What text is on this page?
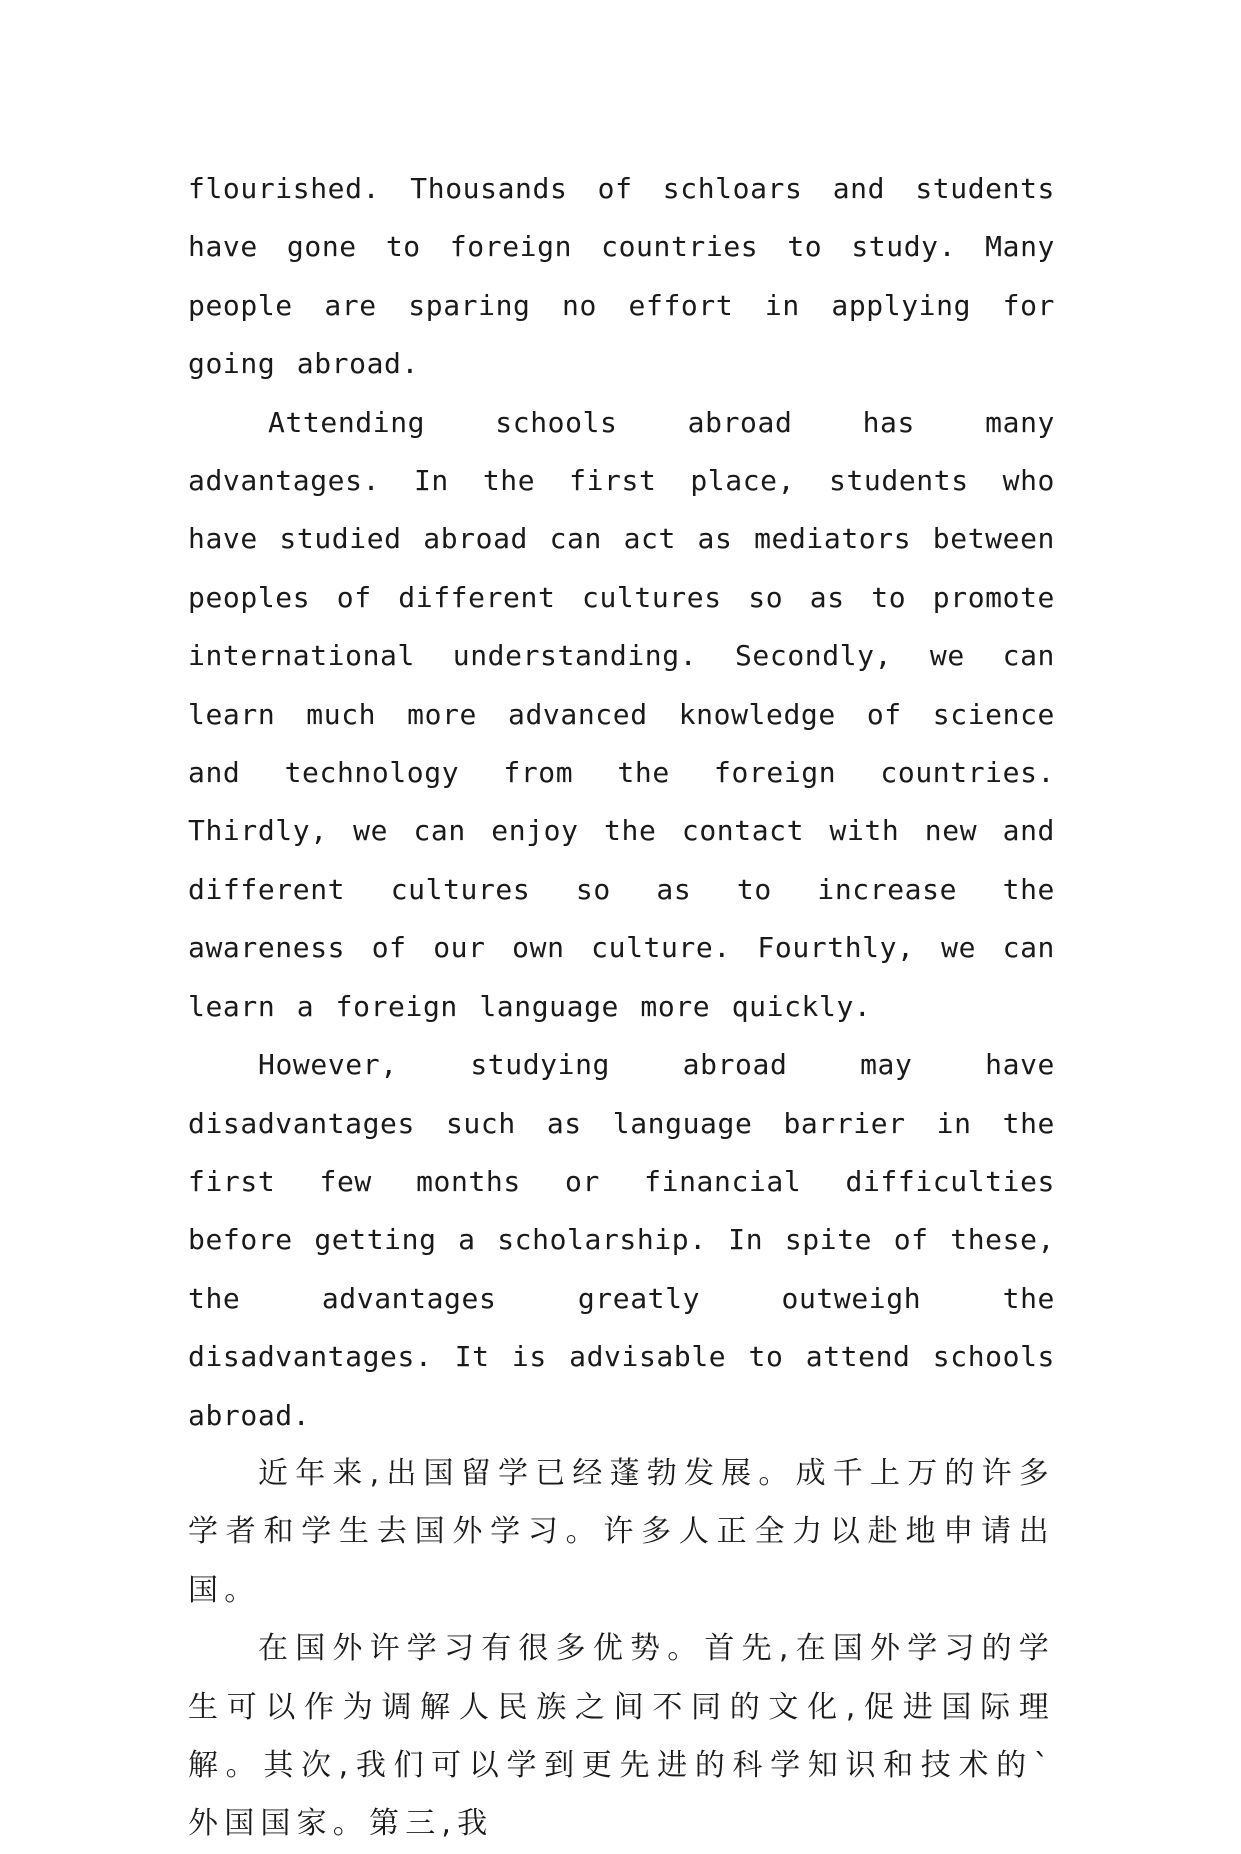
flourished. Thousands of schloars and students have gone to foreign countries to study. Many people are sparing no effort in applying for going abroad.

Attending schools abroad has many advantages. In the first place, students who have studied abroad can act as mediators between peoples of different cultures so as to promote international understanding. Secondly, we can learn much more advanced knowledge of science and technology from the foreign countries. Thirdly, we can enjoy the contact with new and different cultures so as to increase the awareness of our own culture. Fourthly, we can learn a foreign language more quickly.

However, studying abroad may have disadvantages such as language barrier in the first few months or financial difficulties before getting a scholarship. In spite of these, the advantages greatly outweigh the disadvantages. It is advisable to attend schools abroad.

近年来,出国留学已经蓬勃发展。成千上万的许多学者和学生去国外学习。许多人正全力以赴地申请出国。

在国外许学习有很多优势。首先,在国外学习的学生可以作为调解人民族之间不同的文化,促进国际理解。其次,我们可以学到更先进的科学知识和技术的`外国国家。第三,我
